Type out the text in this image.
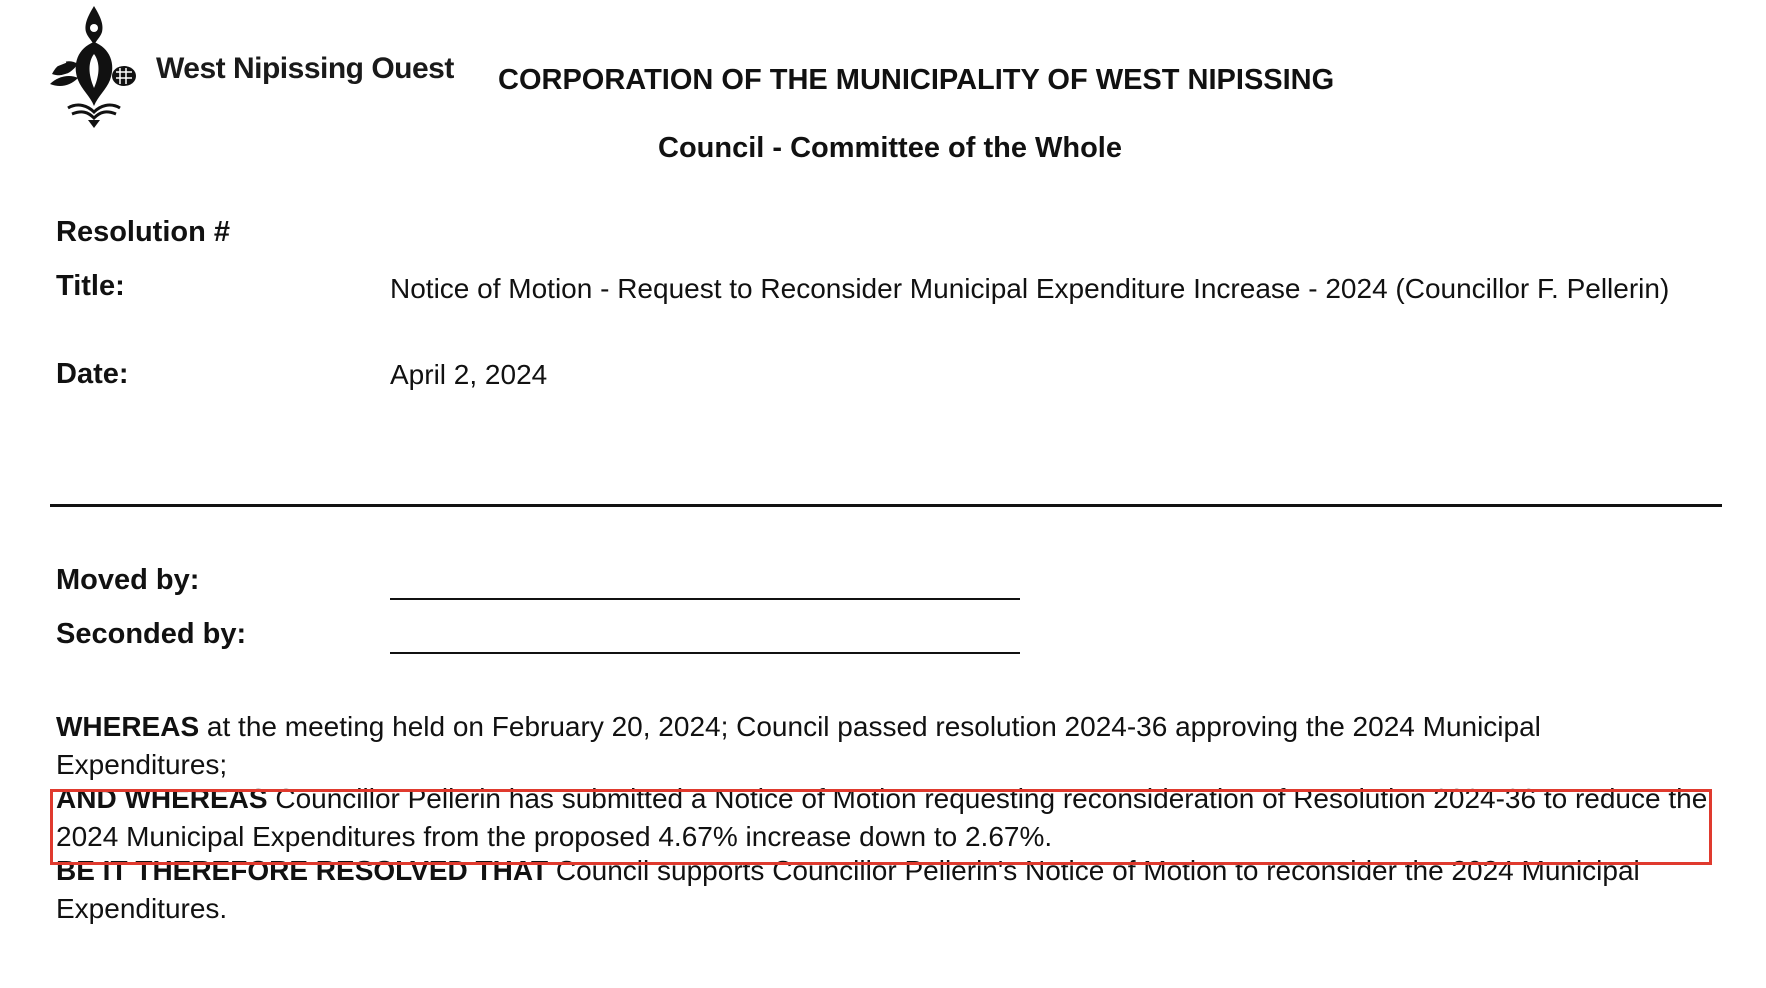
West Nipissing Ouest CORPORATION OF THE MUNICIPALITY OF WEST NIPISSING
Council - Committee of the Whole
Resolution #
Title:	Notice of Motion - Request to Reconsider Municipal Expenditure Increase - 2024 (Councillor F. Pellerin)
Date:	April 2, 2024
Moved by:
Seconded by:
WHEREAS at the meeting held on February 20, 2024; Council passed resolution 2024-36 approving the 2024 Municipal Expenditures;
AND WHEREAS Councillor Pellerin has submitted a Notice of Motion requesting reconsideration of Resolution 2024-36 to reduce the 2024 Municipal Expenditures from the proposed 4.67% increase down to 2.67%.
BE IT THEREFORE RESOLVED THAT Council supports Councillor Pellerin's Notice of Motion to reconsider the 2024 Municipal Expenditures.
